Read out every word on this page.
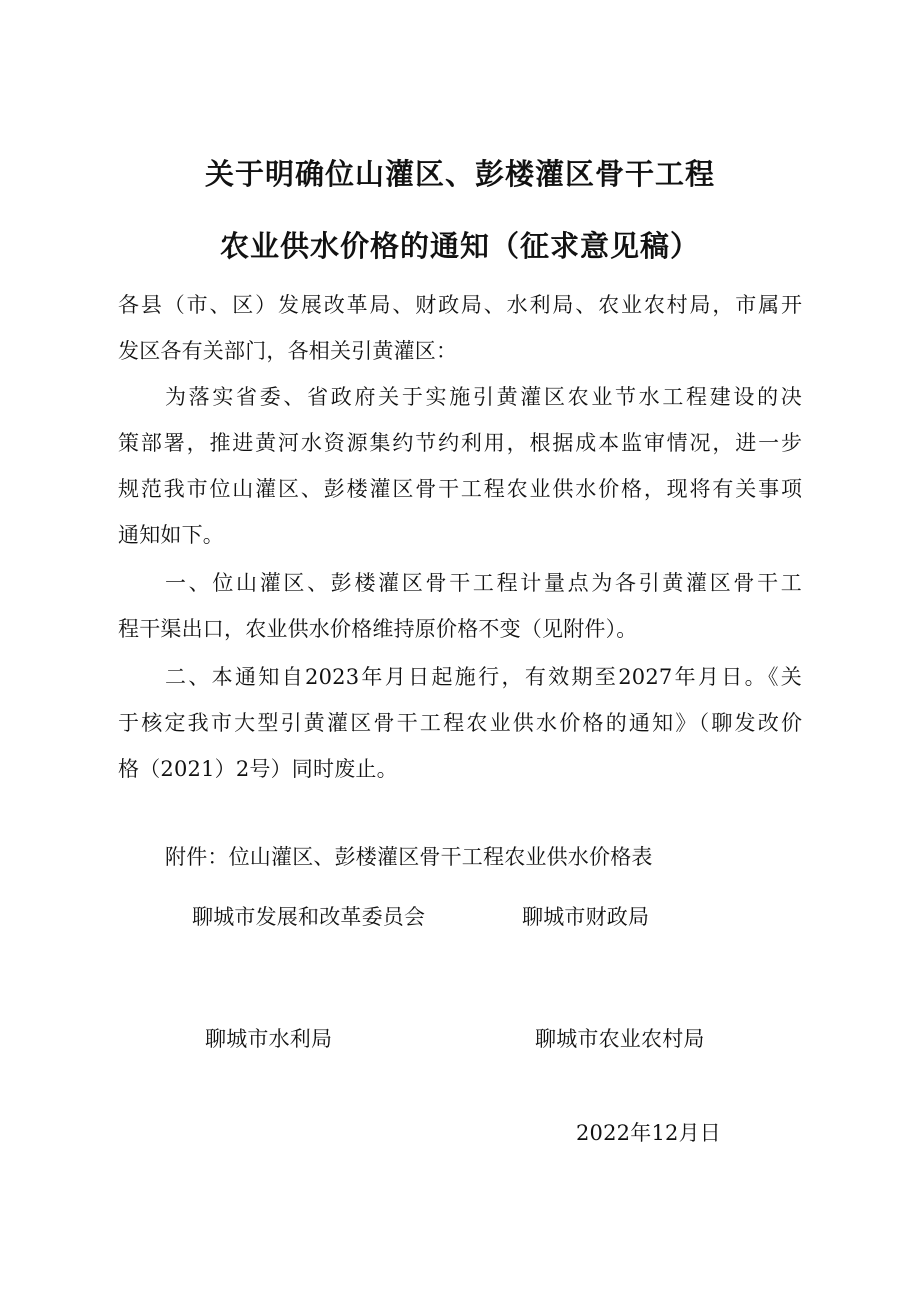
关于明确位山灌区、彭楼灌区骨干工程
农业供水价格的通知（征求意见稿）
各县（市、区）发展改革局、财政局、水利局、农业农村局，市属开
发区各有关部门，各相关引黄灌区：
为落实省委、省政府关于实施引黄灌区农业节水工程建设的决
策部署，推进黄河水资源集约节约利用，根据成本监审情况，进一步
规范我市位山灌区、彭楼灌区骨干工程农业供水价格，现将有关事项
通知如下。
一、位山灌区、彭楼灌区骨干工程计量点为各引黄灌区骨干工
程干渠出口，农业供水价格维持原价格不变（见附件）。
二、本通知自2023年月日起施行，有效期至2027年月日。《关
于核定我市大型引黄灌区骨干工程农业供水价格的通知》（聊发改价
格（2021）2号）同时废止。
附件：位山灌区、彭楼灌区骨干工程农业供水价格表
聊城市发展和改革委员会	聊城市财政局
聊城市水利局	聊城市农业农村局
2022年12月日
